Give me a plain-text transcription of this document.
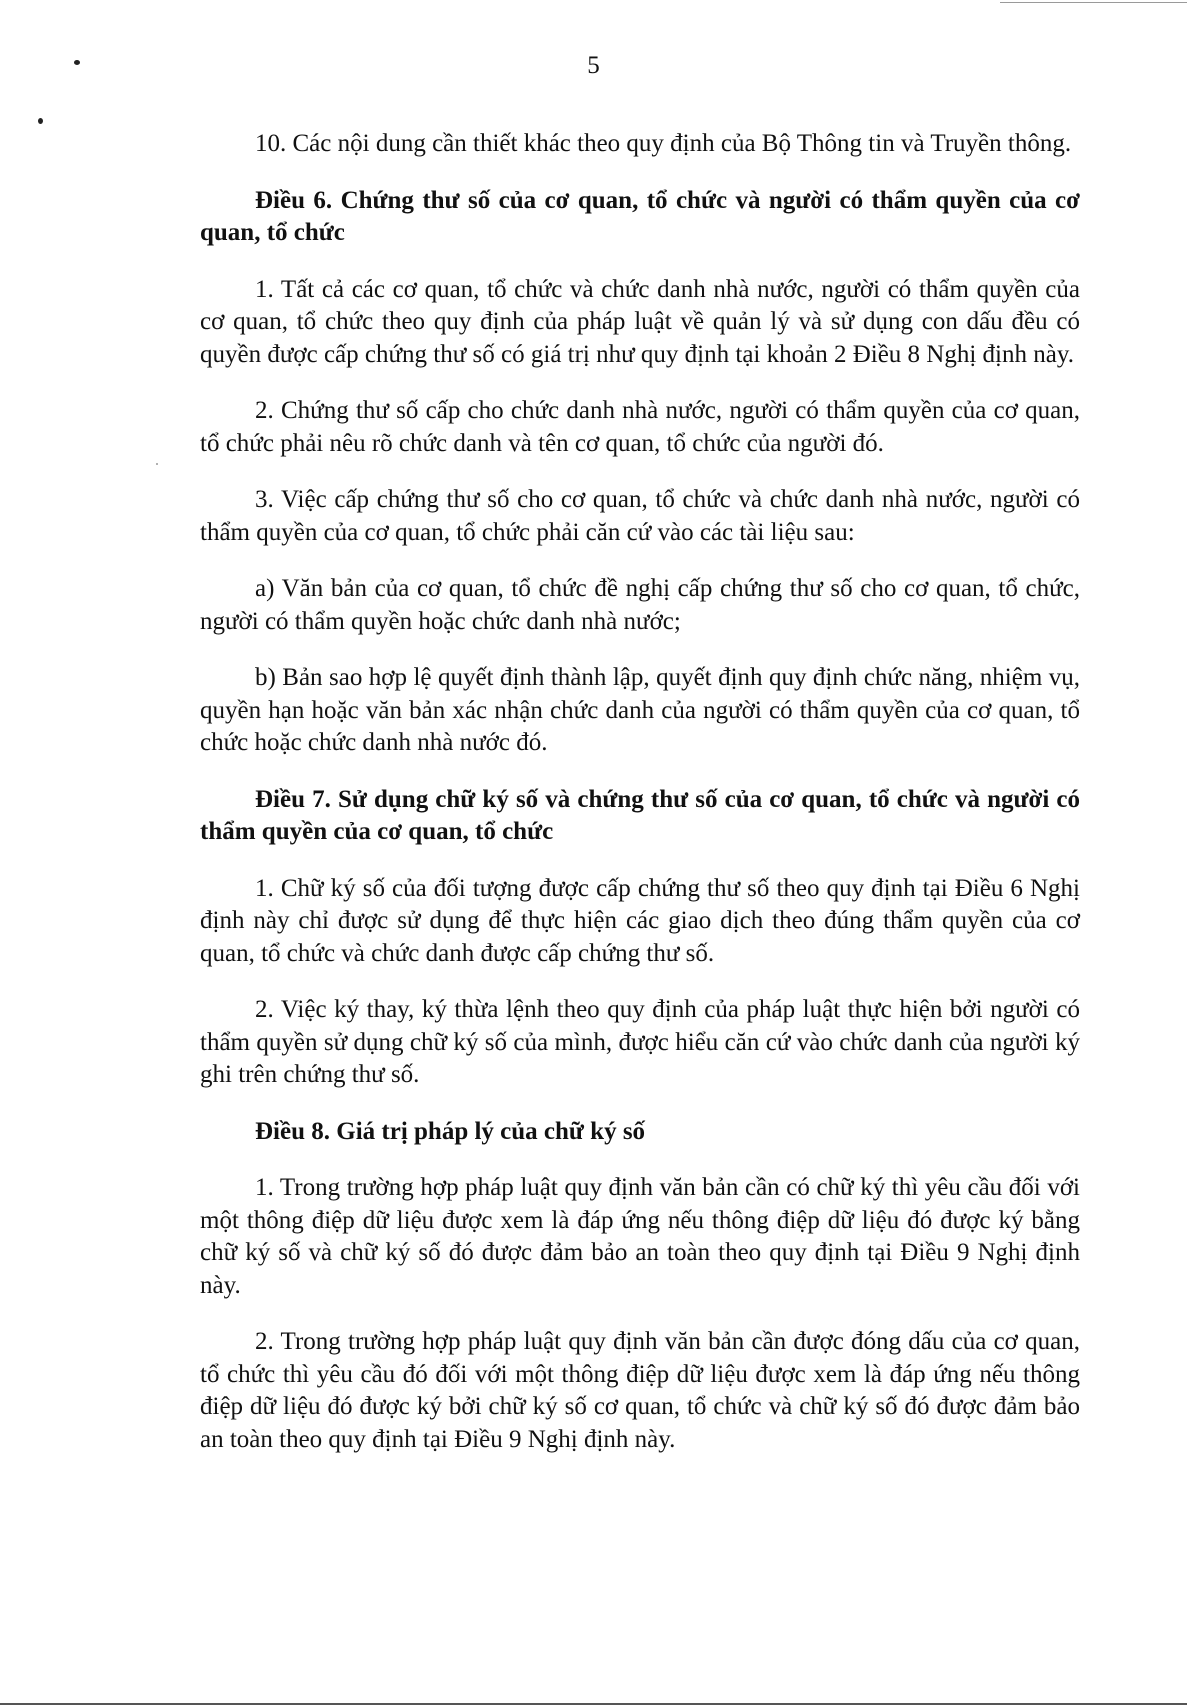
5

10. Các nội dung cần thiết khác theo quy định của Bộ Thông tin và Truyền thông.

Điều 6. Chứng thư số của cơ quan, tổ chức và người có thẩm quyền của cơ quan, tổ chức

1. Tất cả các cơ quan, tổ chức và chức danh nhà nước, người có thẩm quyền của cơ quan, tổ chức theo quy định của pháp luật về quản lý và sử dụng con dấu đều có quyền được cấp chứng thư số có giá trị như quy định tại khoản 2 Điều 8 Nghị định này.

2. Chứng thư số cấp cho chức danh nhà nước, người có thẩm quyền của cơ quan, tổ chức phải nêu rõ chức danh và tên cơ quan, tổ chức của người đó.

3. Việc cấp chứng thư số cho cơ quan, tổ chức và chức danh nhà nước, người có thẩm quyền của cơ quan, tổ chức phải căn cứ vào các tài liệu sau:

a) Văn bản của cơ quan, tổ chức đề nghị cấp chứng thư số cho cơ quan, tổ chức, người có thẩm quyền hoặc chức danh nhà nước;

b) Bản sao hợp lệ quyết định thành lập, quyết định quy định chức năng, nhiệm vụ, quyền hạn hoặc văn bản xác nhận chức danh của người có thẩm quyền của cơ quan, tổ chức hoặc chức danh nhà nước đó.

Điều 7. Sử dụng chữ ký số và chứng thư số của cơ quan, tổ chức và người có thẩm quyền của cơ quan, tổ chức

1. Chữ ký số của đối tượng được cấp chứng thư số theo quy định tại Điều 6 Nghị định này chỉ được sử dụng để thực hiện các giao dịch theo đúng thẩm quyền của cơ quan, tổ chức và chức danh được cấp chứng thư số.

2. Việc ký thay, ký thừa lệnh theo quy định của pháp luật thực hiện bởi người có thẩm quyền sử dụng chữ ký số của mình, được hiểu căn cứ vào chức danh của người ký ghi trên chứng thư số.

Điều 8. Giá trị pháp lý của chữ ký số

1. Trong trường hợp pháp luật quy định văn bản cần có chữ ký thì yêu cầu đối với một thông điệp dữ liệu được xem là đáp ứng nếu thông điệp dữ liệu đó được ký bằng chữ ký số và chữ ký số đó được đảm bảo an toàn theo quy định tại Điều 9 Nghị định này.

2. Trong trường hợp pháp luật quy định văn bản cần được đóng dấu của cơ quan, tổ chức thì yêu cầu đó đối với một thông điệp dữ liệu được xem là đáp ứng nếu thông điệp dữ liệu đó được ký bởi chữ ký số cơ quan, tổ chức và chữ ký số đó được đảm bảo an toàn theo quy định tại Điều 9 Nghị định này.
